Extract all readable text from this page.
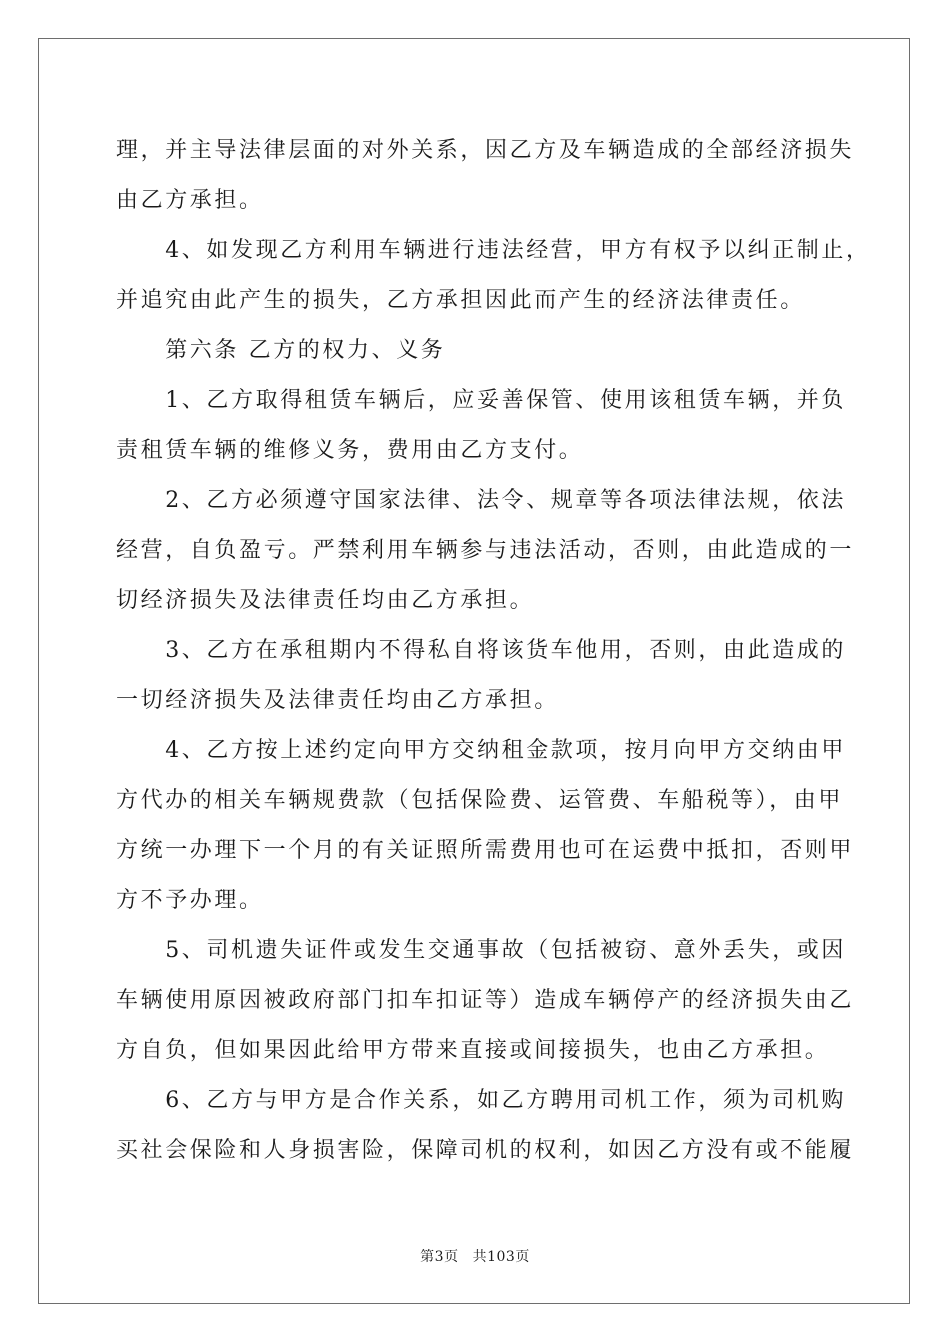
理，并主导法律层面的对外关系，因乙方及车辆造成的全部经济损失
由乙方承担。
　　4、如发现乙方利用车辆进行违法经营，甲方有权予以纠正制止，
并追究由此产生的损失，乙方承担因此而产生的经济法律责任。
　　第六条 乙方的权力、义务
　　1、乙方取得租赁车辆后，应妥善保管、使用该租赁车辆，并负
责租赁车辆的维修义务，费用由乙方支付。
　　2、乙方必须遵守国家法律、法令、规章等各项法律法规，依法
经营，自负盈亏。严禁利用车辆参与违法活动，否则，由此造成的一
切经济损失及法律责任均由乙方承担。
　　3、乙方在承租期内不得私自将该货车他用，否则，由此造成的
一切经济损失及法律责任均由乙方承担。
　　4、乙方按上述约定向甲方交纳租金款项，按月向甲方交纳由甲
方代办的相关车辆规费款（包括保险费、运管费、车船税等），由甲
方统一办理下一个月的有关证照所需费用也可在运费中抵扣，否则甲
方不予办理。
　　5、司机遗失证件或发生交通事故（包括被窃、意外丢失，或因
车辆使用原因被政府部门扣车扣证等）造成车辆停产的经济损失由乙
方自负，但如果因此给甲方带来直接或间接损失，也由乙方承担。
　　6、乙方与甲方是合作关系，如乙方聘用司机工作，须为司机购
买社会保险和人身损害险，保障司机的权利，如因乙方没有或不能履
第3页 共103页
